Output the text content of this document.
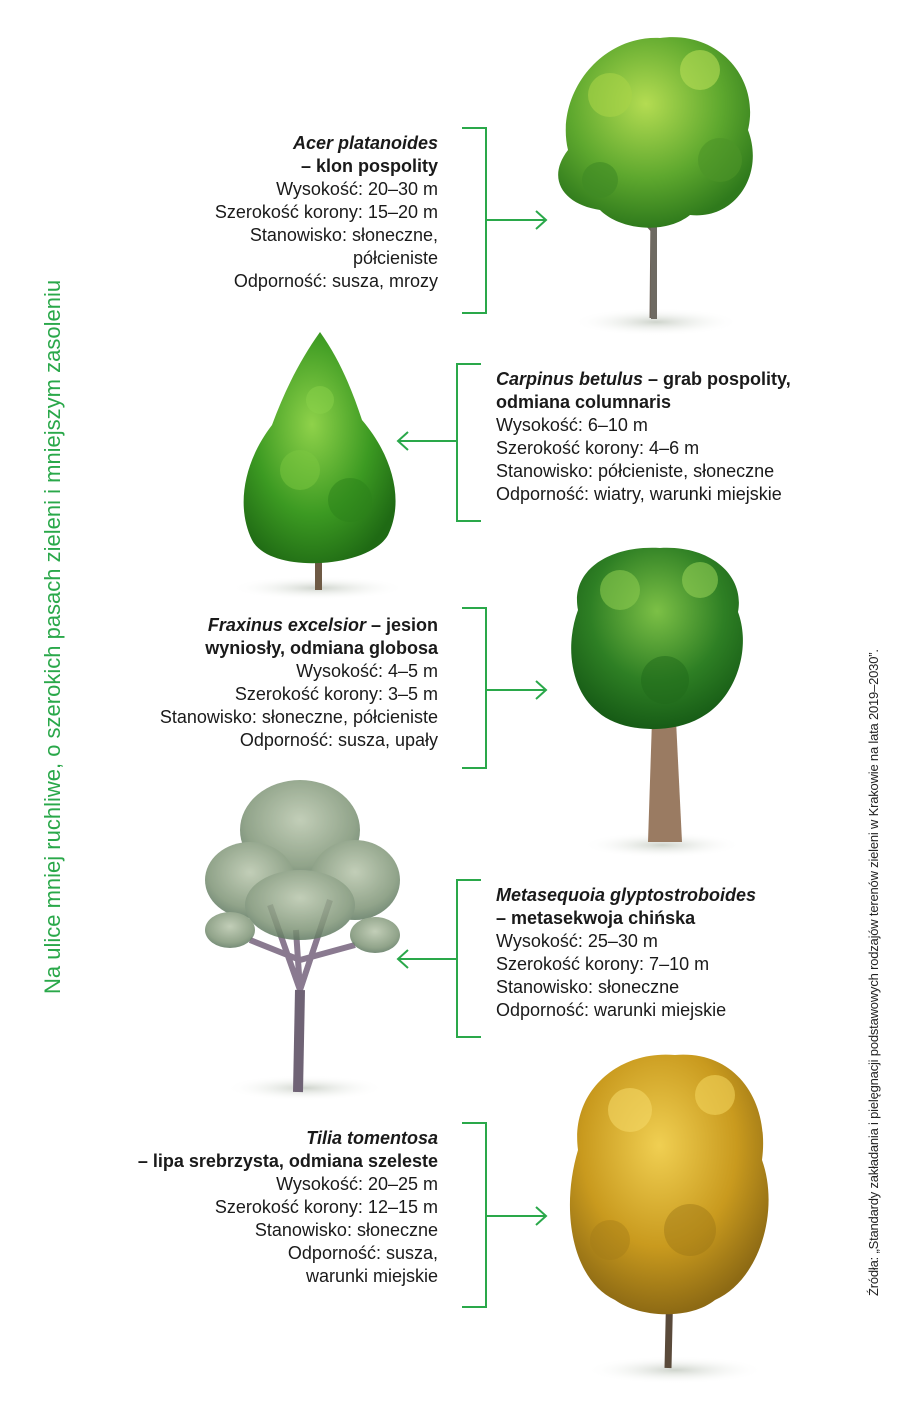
Na ulice mniej ruchliwe, o szerokich pasach zieleni i mniejszym zasoleniu	Źródła: „Standardy zakładania i pielęgnacji podstawowych rodzajów terenów zieleni w Krakowie na lata 2019–2030”.
Acer platanoides
– klon pospolity
Wysokość: 20–30 m
Szerokość korony: 15–20 m
Stanowisko: słoneczne,
półcieniste
Odporność: susza, mrozy
Carpinus betulus – grab pospolity,
odmiana columnaris
Wysokość: 6–10 m
Szerokość korony: 4–6 m
Stanowisko: półcieniste, słoneczne
Odporność: wiatry, warunki miejskie
Fraxinus excelsior – jesion
wyniosły, odmiana globosa
Wysokość: 4–5 m
Szerokość korony: 3–5 m
Stanowisko: słoneczne, półcieniste
Odporność: susza, upały
Metasequoia glyptostroboides
– metasekwoja chińska
Wysokość: 25–30 m
Szerokość korony: 7–10 m
Stanowisko: słoneczne
Odporność: warunki miejskie
Tilia tomentosa
– lipa srebrzysta, odmiana szeleste
Wysokość: 20–25 m
Szerokość korony: 12–15 m
Stanowisko: słoneczne
Odporność: susza,
warunki miejskie
